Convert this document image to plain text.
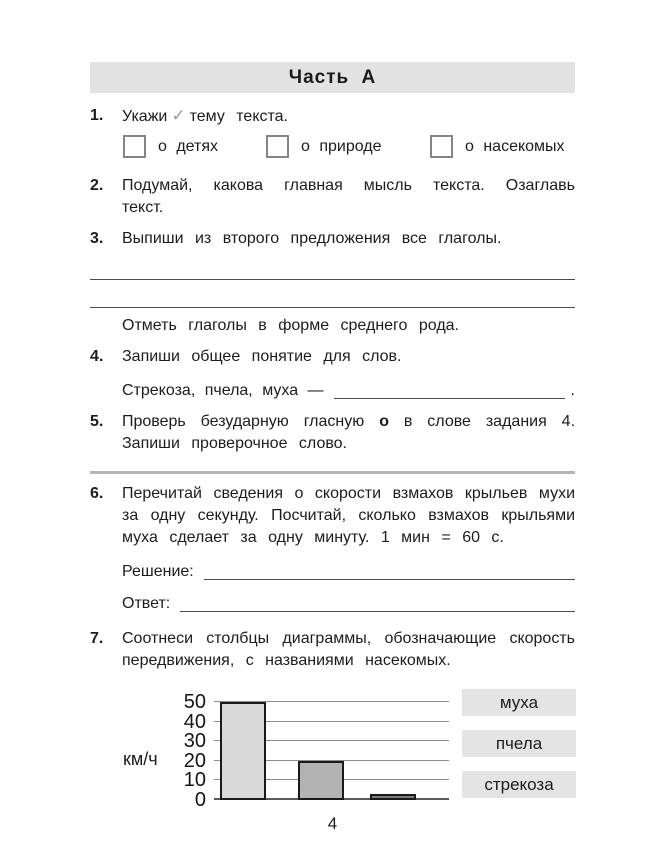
Часть А
1.	Укажи ✓ тему текста.

о детях	о природе	о насекомых
2.	Подумай, какова главная мысль текста. Озаглавь текст.

3.	Выпиши из второго предложения все глаголы.

Отметь глаголы в форме среднего рода.

4.	Запиши общее понятие для слов.

Стрекоза, пчела, муха —	.
5.	Проверь безударную гласную о в слове задания 4. Запиши проверочное слово.

6.	Перечитай сведения о скорости взмахов крыльев мухи за одну секунду. Посчитай, сколько взмахов крыльями муха сделает за одну минуту. 1 мин = 60 с.

Решение:
Ответ:
7.	Соотнеси столбцы диаграммы, обозначающие скорость передвижения, с названиями насекомых.

км/ч
0
10
20
30
40
50	муха
пчела
стрекоза
4
